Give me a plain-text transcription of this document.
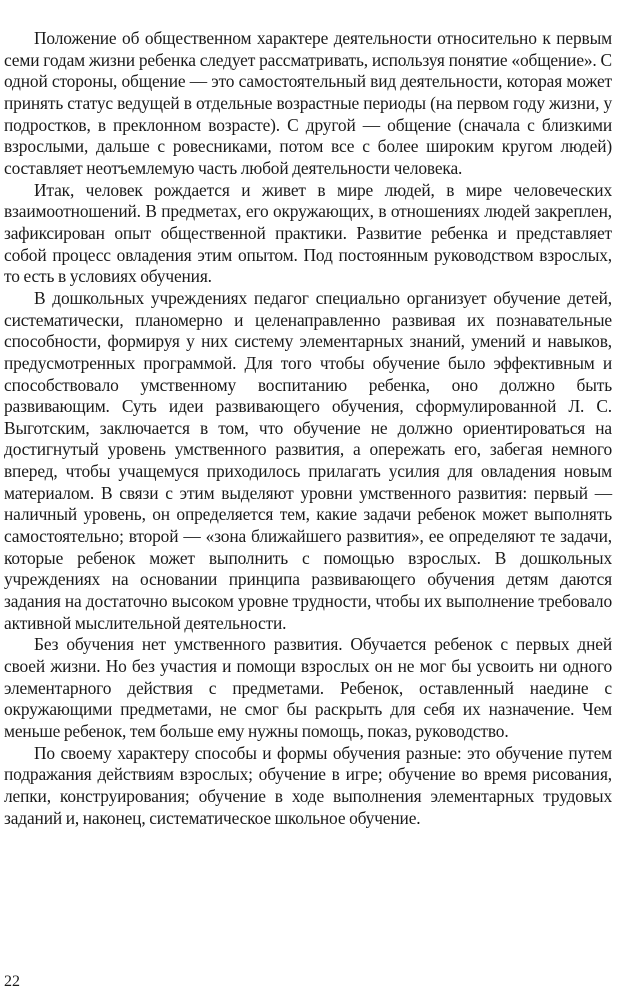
Положение об общественном характере деятельности относительно к первым семи годам жизни ребенка следует рассматривать, используя понятие «общение». С одной стороны, общение — это самостоятельный вид деятельности, которая может принять статус ведущей в отдельные возрастные периоды (на первом году жизни, у подростков, в преклонном возрасте). С другой — общение (сначала с близкими взрослыми, дальше с ровесниками, потом все с более широким кругом людей) составляет неотъемлемую часть любой деятельности человека.

Итак, человек рождается и живет в мире людей, в мире человеческих взаимоотношений. В предметах, его окружающих, в отношениях людей закреплен, зафиксирован опыт общественной практики. Развитие ребенка и представляет собой процесс овладения этим опытом. Под постоянным руководством взрослых, то есть в условиях обучения.

В дошкольных учреждениях педагог специально организует обучение детей, систематически, планомерно и целенаправленно развивая их познавательные способности, формируя у них систему элементарных знаний, умений и навыков, предусмотренных программой. Для того чтобы обучение было эффективным и способствовало умственному воспитанию ребенка, оно должно быть развивающим. Суть идеи развивающего обучения, сформулированной Л. С. Выготским, заключается в том, что обучение не должно ориентироваться на достигнутый уровень умственного развития, а опережать его, забегая немного вперед, чтобы учащемуся приходилось прилагать усилия для овладения новым материалом. В связи с этим выделяют уровни умственного развития: первый — наличный уровень, он определяется тем, какие задачи ребенок может выполнять самостоятельно; второй — «зона ближайшего развития», ее определяют те задачи, которые ребенок может выполнить с помощью взрослых. В дошкольных учреждениях на основании принципа развивающего обучения детям даются задания на достаточно высоком уровне трудности, чтобы их выполнение требовало активной мыслительной деятельности.

Без обучения нет умственного развития. Обучается ребенок с первых дней своей жизни. Но без участия и помощи взрослых он не мог бы усвоить ни одного элементарного действия с предметами. Ребенок, оставленный наедине с окружающими предметами, не смог бы раскрыть для себя их назначение. Чем меньше ребенок, тем больше ему нужны помощь, показ, руководство.

По своему характеру способы и формы обучения разные: это обучение путем подражания действиям взрослых; обучение в игре; обучение во время рисования, лепки, конструирования; обучение в ходе выполнения элементарных трудовых заданий и, наконец, систематическое школьное обучение.

22
